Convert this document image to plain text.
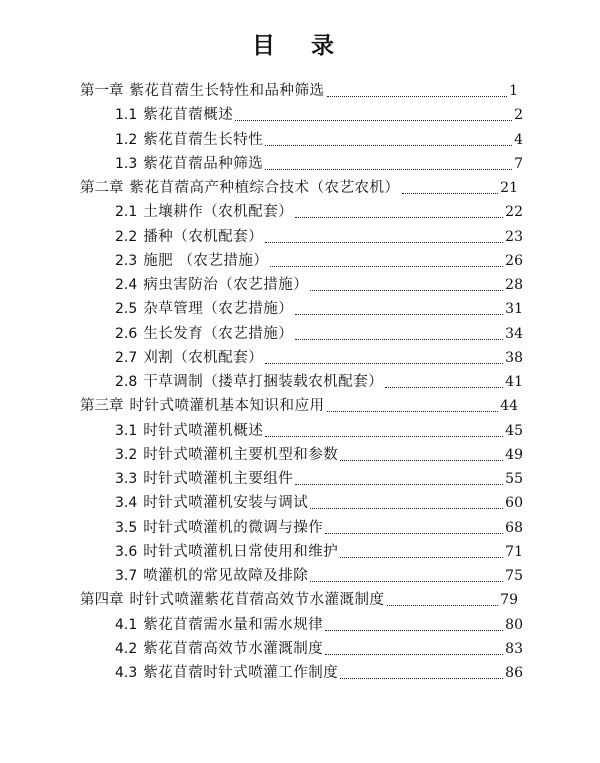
目 录
第一章 紫花苜蓿生长特性和品种筛选	1
1.1 紫花苜蓿概述	2
1.2 紫花苜蓿生长特性	4
1.3 紫花苜蓿品种筛选	7
第二章 紫花苜蓿高产种植综合技术（农艺农机）	21
2.1 土壤耕作（农机配套）	22
2.2 播种（农机配套）	23
2.3 施肥 （农艺措施）	26
2.4 病虫害防治（农艺措施）	28
2.5 杂草管理（农艺措施）	31
2.6 生长发育（农艺措施）	34
2.7 刈割（农机配套）	38
2.8 干草调制（搂草打捆装载农机配套）	41
第三章 时针式喷灌机基本知识和应用	44
3.1 时针式喷灌机概述	45
3.2 时针式喷灌机主要机型和参数	49
3.3 时针式喷灌机主要组件	55
3.4 时针式喷灌机安装与调试	60
3.5 时针式喷灌机的微调与操作	68
3.6 时针式喷灌机日常使用和维护	71
3.7 喷灌机的常见故障及排除	75
第四章 时针式喷灌紫花苜蓿高效节水灌溉制度	79
4.1 紫花苜蓿需水量和需水规律	80
4.2 紫花苜蓿高效节水灌溉制度	83
4.3 紫花苜蓿时针式喷灌工作制度	86
